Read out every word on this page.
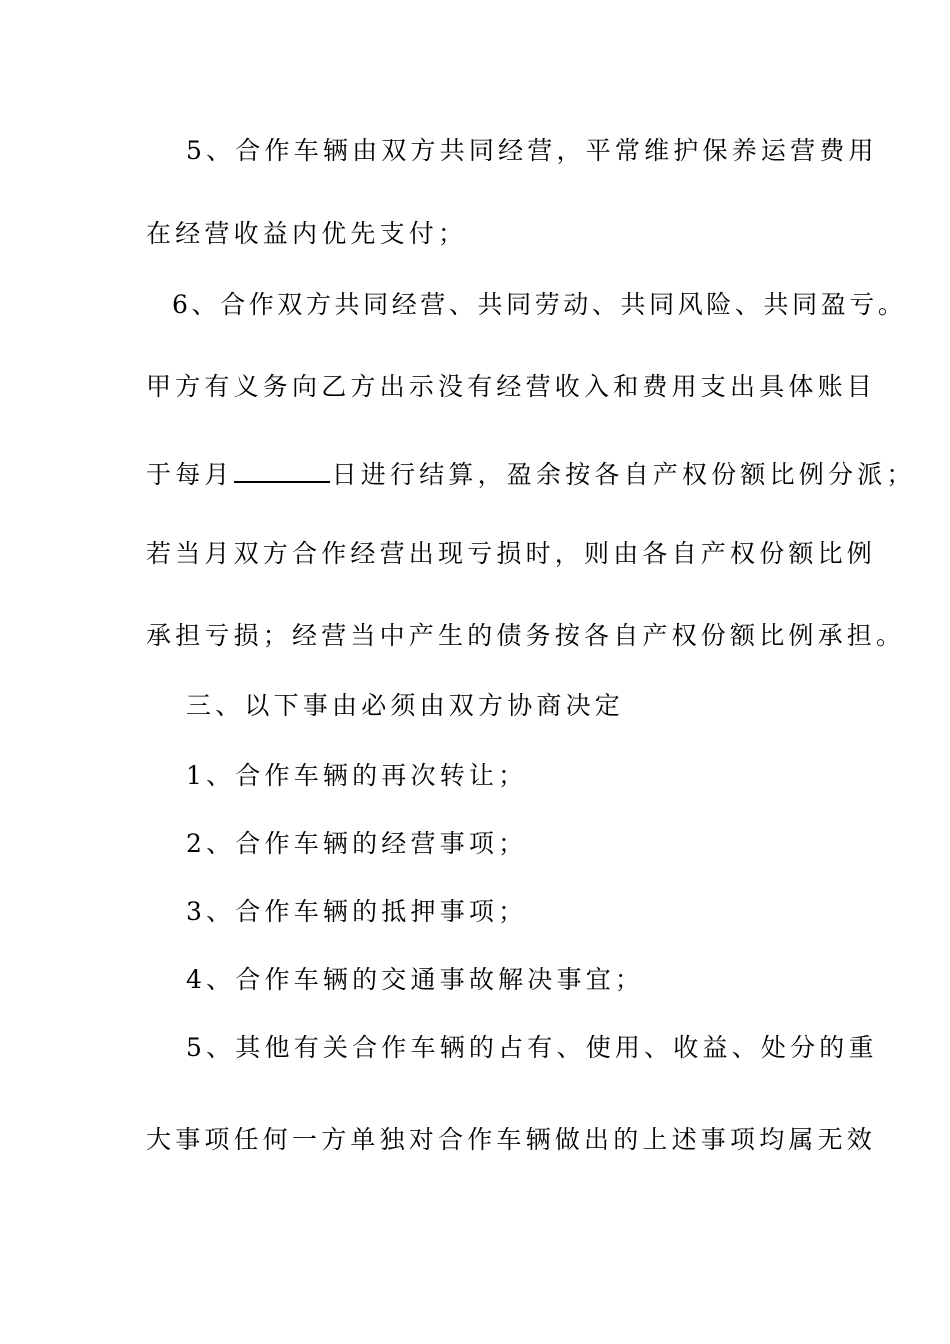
5、合作车辆由双方共同经营，平常维护保养运营费用
在经营收益内优先支付；
6、合作双方共同经营、共同劳动、共同风险、共同盈亏。
甲方有义务向乙方出示没有经营收入和费用支出具体账目
于每月	日进行结算，盈余按各自产权份额比例分派；
若当月双方合作经营出现亏损时，则由各自产权份额比例
承担亏损；经营当中产生的债务按各自产权份额比例承担。
三、以下事由必须由双方协商决定
1、合作车辆的再次转让；
2、合作车辆的经营事项；
3、合作车辆的抵押事项；
4、合作车辆的交通事故解决事宜；
5、其他有关合作车辆的占有、使用、收益、处分的重
大事项任何一方单独对合作车辆做出的上述事项均属无效
